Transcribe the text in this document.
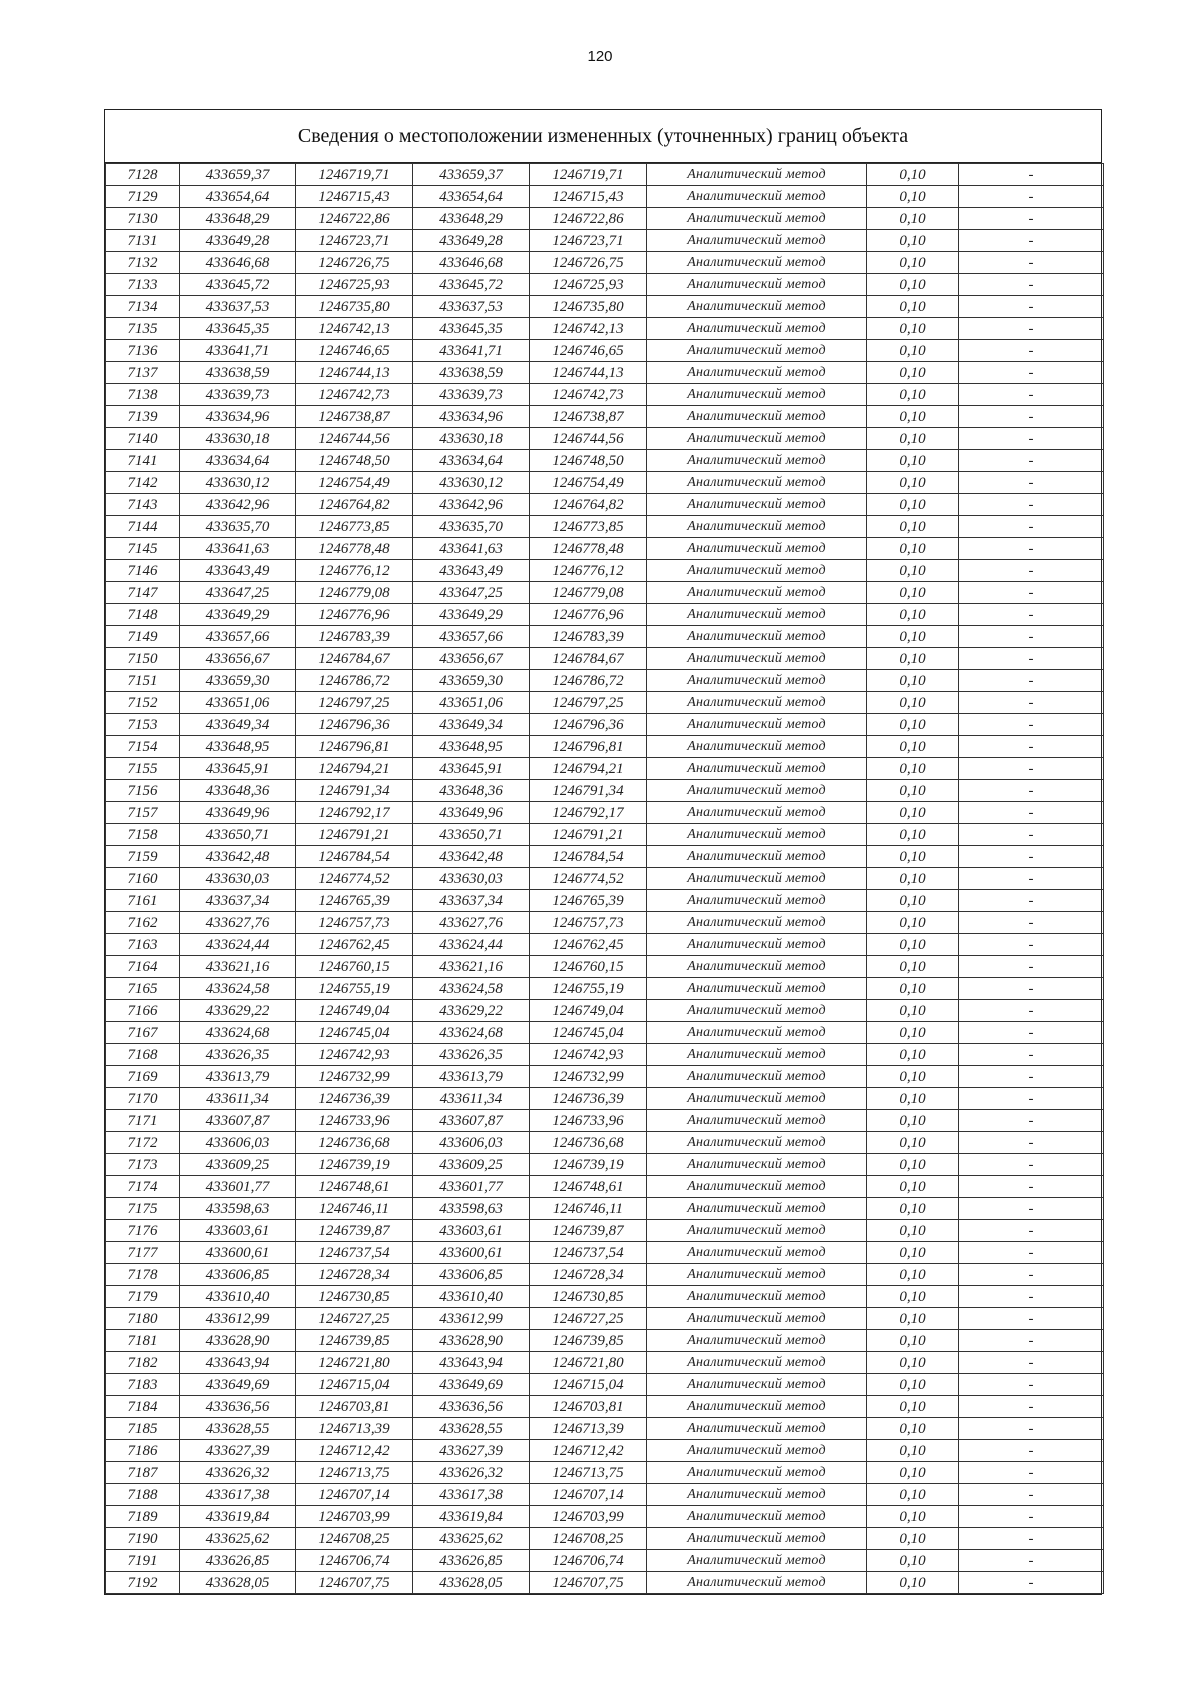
120
Сведения о местоположении измененных (уточненных) границ объекта
7128	433659,37	1246719,71	433659,37	1246719,71	Аналитический метод	0,10	-
7129	433654,64	1246715,43	433654,64	1246715,43	Аналитический метод	0,10	-
7130	433648,29	1246722,86	433648,29	1246722,86	Аналитический метод	0,10	-
7131	433649,28	1246723,71	433649,28	1246723,71	Аналитический метод	0,10	-
7132	433646,68	1246726,75	433646,68	1246726,75	Аналитический метод	0,10	-
7133	433645,72	1246725,93	433645,72	1246725,93	Аналитический метод	0,10	-
7134	433637,53	1246735,80	433637,53	1246735,80	Аналитический метод	0,10	-
7135	433645,35	1246742,13	433645,35	1246742,13	Аналитический метод	0,10	-
7136	433641,71	1246746,65	433641,71	1246746,65	Аналитический метод	0,10	-
7137	433638,59	1246744,13	433638,59	1246744,13	Аналитический метод	0,10	-
7138	433639,73	1246742,73	433639,73	1246742,73	Аналитический метод	0,10	-
7139	433634,96	1246738,87	433634,96	1246738,87	Аналитический метод	0,10	-
7140	433630,18	1246744,56	433630,18	1246744,56	Аналитический метод	0,10	-
7141	433634,64	1246748,50	433634,64	1246748,50	Аналитический метод	0,10	-
7142	433630,12	1246754,49	433630,12	1246754,49	Аналитический метод	0,10	-
7143	433642,96	1246764,82	433642,96	1246764,82	Аналитический метод	0,10	-
7144	433635,70	1246773,85	433635,70	1246773,85	Аналитический метод	0,10	-
7145	433641,63	1246778,48	433641,63	1246778,48	Аналитический метод	0,10	-
7146	433643,49	1246776,12	433643,49	1246776,12	Аналитический метод	0,10	-
7147	433647,25	1246779,08	433647,25	1246779,08	Аналитический метод	0,10	-
7148	433649,29	1246776,96	433649,29	1246776,96	Аналитический метод	0,10	-
7149	433657,66	1246783,39	433657,66	1246783,39	Аналитический метод	0,10	-
7150	433656,67	1246784,67	433656,67	1246784,67	Аналитический метод	0,10	-
7151	433659,30	1246786,72	433659,30	1246786,72	Аналитический метод	0,10	-
7152	433651,06	1246797,25	433651,06	1246797,25	Аналитический метод	0,10	-
7153	433649,34	1246796,36	433649,34	1246796,36	Аналитический метод	0,10	-
7154	433648,95	1246796,81	433648,95	1246796,81	Аналитический метод	0,10	-
7155	433645,91	1246794,21	433645,91	1246794,21	Аналитический метод	0,10	-
7156	433648,36	1246791,34	433648,36	1246791,34	Аналитический метод	0,10	-
7157	433649,96	1246792,17	433649,96	1246792,17	Аналитический метод	0,10	-
7158	433650,71	1246791,21	433650,71	1246791,21	Аналитический метод	0,10	-
7159	433642,48	1246784,54	433642,48	1246784,54	Аналитический метод	0,10	-
7160	433630,03	1246774,52	433630,03	1246774,52	Аналитический метод	0,10	-
7161	433637,34	1246765,39	433637,34	1246765,39	Аналитический метод	0,10	-
7162	433627,76	1246757,73	433627,76	1246757,73	Аналитический метод	0,10	-
7163	433624,44	1246762,45	433624,44	1246762,45	Аналитический метод	0,10	-
7164	433621,16	1246760,15	433621,16	1246760,15	Аналитический метод	0,10	-
7165	433624,58	1246755,19	433624,58	1246755,19	Аналитический метод	0,10	-
7166	433629,22	1246749,04	433629,22	1246749,04	Аналитический метод	0,10	-
7167	433624,68	1246745,04	433624,68	1246745,04	Аналитический метод	0,10	-
7168	433626,35	1246742,93	433626,35	1246742,93	Аналитический метод	0,10	-
7169	433613,79	1246732,99	433613,79	1246732,99	Аналитический метод	0,10	-
7170	433611,34	1246736,39	433611,34	1246736,39	Аналитический метод	0,10	-
7171	433607,87	1246733,96	433607,87	1246733,96	Аналитический метод	0,10	-
7172	433606,03	1246736,68	433606,03	1246736,68	Аналитический метод	0,10	-
7173	433609,25	1246739,19	433609,25	1246739,19	Аналитический метод	0,10	-
7174	433601,77	1246748,61	433601,77	1246748,61	Аналитический метод	0,10	-
7175	433598,63	1246746,11	433598,63	1246746,11	Аналитический метод	0,10	-
7176	433603,61	1246739,87	433603,61	1246739,87	Аналитический метод	0,10	-
7177	433600,61	1246737,54	433600,61	1246737,54	Аналитический метод	0,10	-
7178	433606,85	1246728,34	433606,85	1246728,34	Аналитический метод	0,10	-
7179	433610,40	1246730,85	433610,40	1246730,85	Аналитический метод	0,10	-
7180	433612,99	1246727,25	433612,99	1246727,25	Аналитический метод	0,10	-
7181	433628,90	1246739,85	433628,90	1246739,85	Аналитический метод	0,10	-
7182	433643,94	1246721,80	433643,94	1246721,80	Аналитический метод	0,10	-
7183	433649,69	1246715,04	433649,69	1246715,04	Аналитический метод	0,10	-
7184	433636,56	1246703,81	433636,56	1246703,81	Аналитический метод	0,10	-
7185	433628,55	1246713,39	433628,55	1246713,39	Аналитический метод	0,10	-
7186	433627,39	1246712,42	433627,39	1246712,42	Аналитический метод	0,10	-
7187	433626,32	1246713,75	433626,32	1246713,75	Аналитический метод	0,10	-
7188	433617,38	1246707,14	433617,38	1246707,14	Аналитический метод	0,10	-
7189	433619,84	1246703,99	433619,84	1246703,99	Аналитический метод	0,10	-
7190	433625,62	1246708,25	433625,62	1246708,25	Аналитический метод	0,10	-
7191	433626,85	1246706,74	433626,85	1246706,74	Аналитический метод	0,10	-
7192	433628,05	1246707,75	433628,05	1246707,75	Аналитический метод	0,10	-
